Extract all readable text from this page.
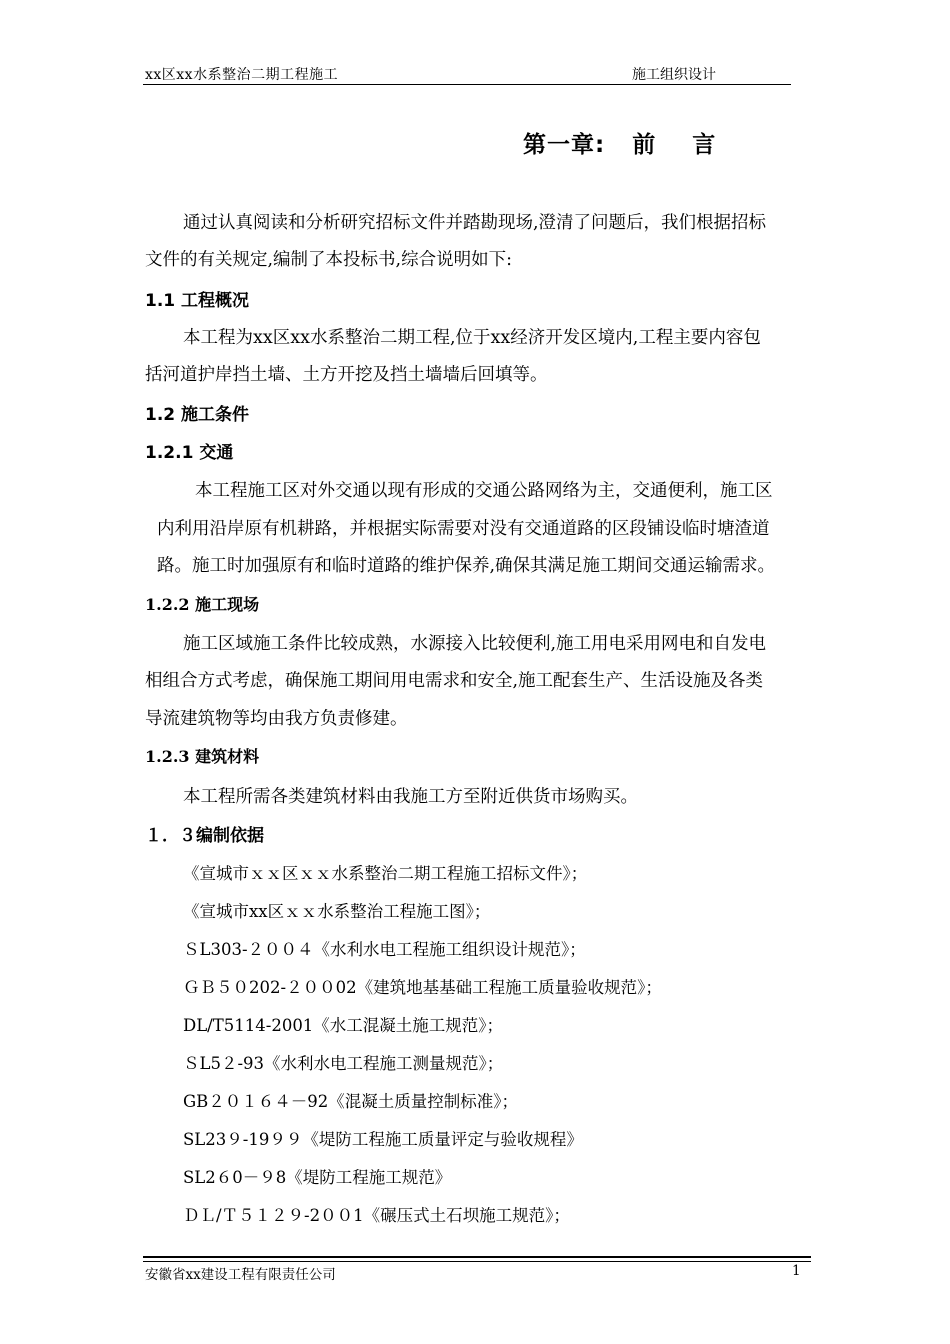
xx区xx水系整治二期工程施工	施工组织设计
第一章:   前    言
通过认真阅读和分析研究招标文件并踏勘现场,澄清了问题后，我们根据招标
文件的有关规定,编制了本投标书,综合说明如下:
1.1 工程概况
本工程为xx区xx水系整治二期工程,位于xx经济开发区境内,工程主要内容包
括河道护岸挡土墙、土方开挖及挡土墙墙后回填等。
1.2 施工条件
1.2.1 交通
本工程施工区对外交通以现有形成的交通公路网络为主，交通便利，施工区
内利用沿岸原有机耕路，并根据实际需要对没有交通道路的区段铺设临时塘渣道
路。施工时加强原有和临时道路的维护保养,确保其满足施工期间交通运输需求。
1.2.2 施工现场
施工区域施工条件比较成熟，水源接入比较便利,施工用电采用网电和自发电
相组合方式考虑，确保施工期间用电需求和安全,施工配套生产、生活设施及各类
导流建筑物等均由我方负责修建。
1.2.3 建筑材料
本工程所需各类建筑材料由我施工方至附近供货市场购买。
１．３编制依据
《宣城市ｘｘ区ｘｘ水系整治二期工程施工招标文件》；
《宣城市xx区ｘｘ水系整治工程施工图》；
ＳL303-２００４《水利水电工程施工组织设计规范》；
ＧＢ５０202-２００02《建筑地基基础工程施工质量验收规范》；
DL/T5114-2001《水工混凝土施工规范》；
ＳL5２-93《水利水电工程施工测量规范》；
GB２０１６４－92《混凝土质量控制标准》；
SL23９-19９９《堤防工程施工质量评定与验收规程》
SL2６0－９8《堤防工程施工规范》
ＤＬ/Ｔ５１２９-2００1《碾压式土石坝施工规范》；
安徽省xx建设工程有限责任公司	1
